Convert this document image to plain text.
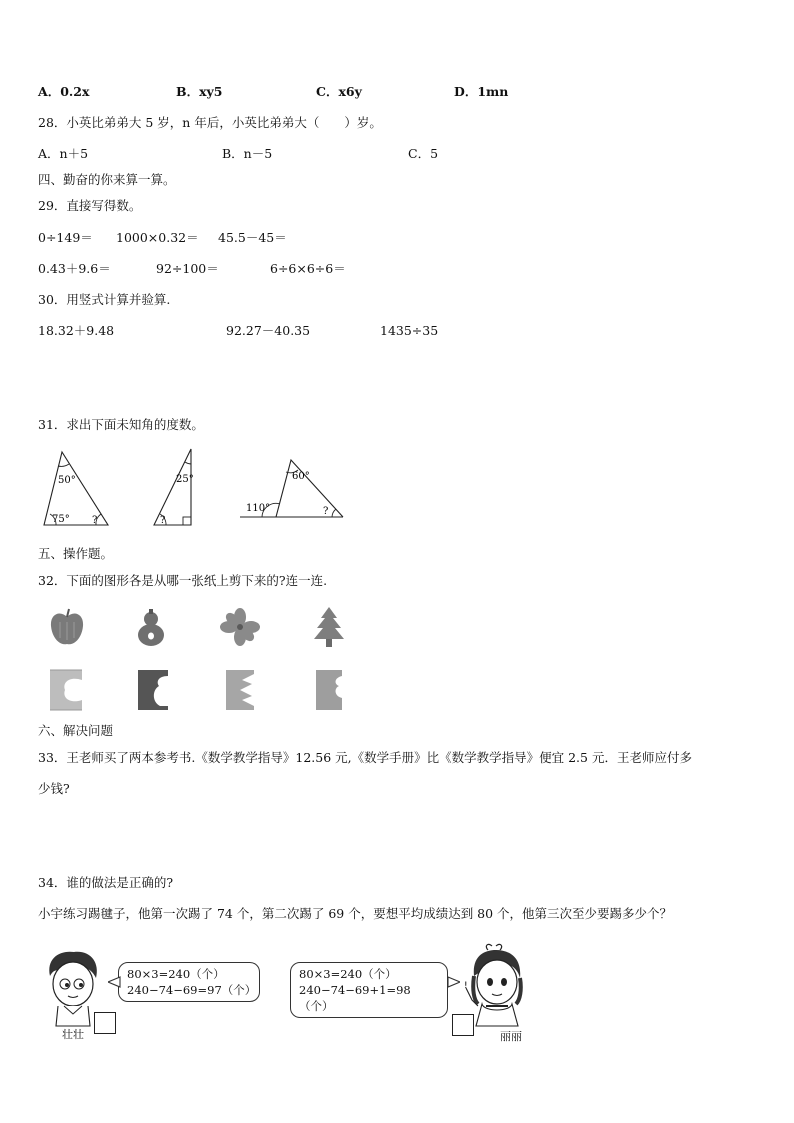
A．0.2x	B．xy5	C．x6y	D．1mn
28．小英比弟弟大 5 岁，n 年后，小英比弟弟大（　　）岁。
A．n＋5	B．n－5	C．5
四、勤奋的你来算一算。
29．直接写得数。
0÷149＝ 1000×0.32＝ 45.5－45＝
0.43＋9.6＝	92÷100＝	6÷6×6÷6＝
30．用竖式计算并验算.
18.32＋9.48	92.27－40.35	1435÷35
31．求出下面未知角的度数。
50°
75° ?
25°
?
60°
110°	?
五、操作题。
32．下面的图形各是从哪一张纸上剪下来的?连一连.
六、解决问题
33．王老师买了两本参考书.《数学教学指导》12.56 元,《数学手册》比《数学教学指导》便宜 2.5 元．王老师应付多
少钱?
34．谁的做法是正确的?
小宇练习踢毽子，他第一次踢了 74 个，第二次踢了 69 个，要想平均成绩达到 80 个，他第三次至少要踢多少个？
壮壮
80×3=240（个）
240−74−69=97（个）
80×3=240（个）
240−74−69+1=98（个）
!
丽丽
